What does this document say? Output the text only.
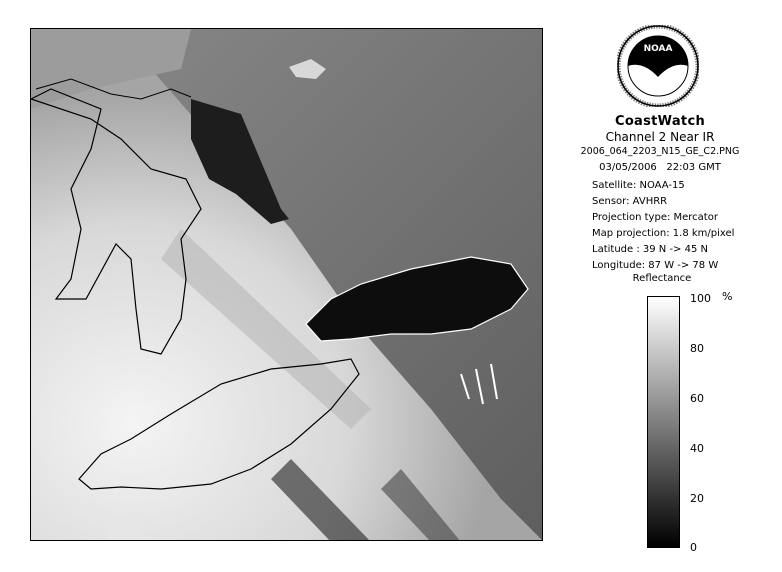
NOAA
CoastWatch
Channel 2 Near IR
2006_064_2203_N15_GE_C2.PNG
03/05/2006 22:03 GMT
Satellite: NOAA-15
Sensor: AVHRR
Projection type: Mercator
Map projection: 1.8 km/pixel
Latitude : 39 N -> 45 N
Longitude: 87 W -> 78 W
Reflectance
%
100
80
60
40
20
0
